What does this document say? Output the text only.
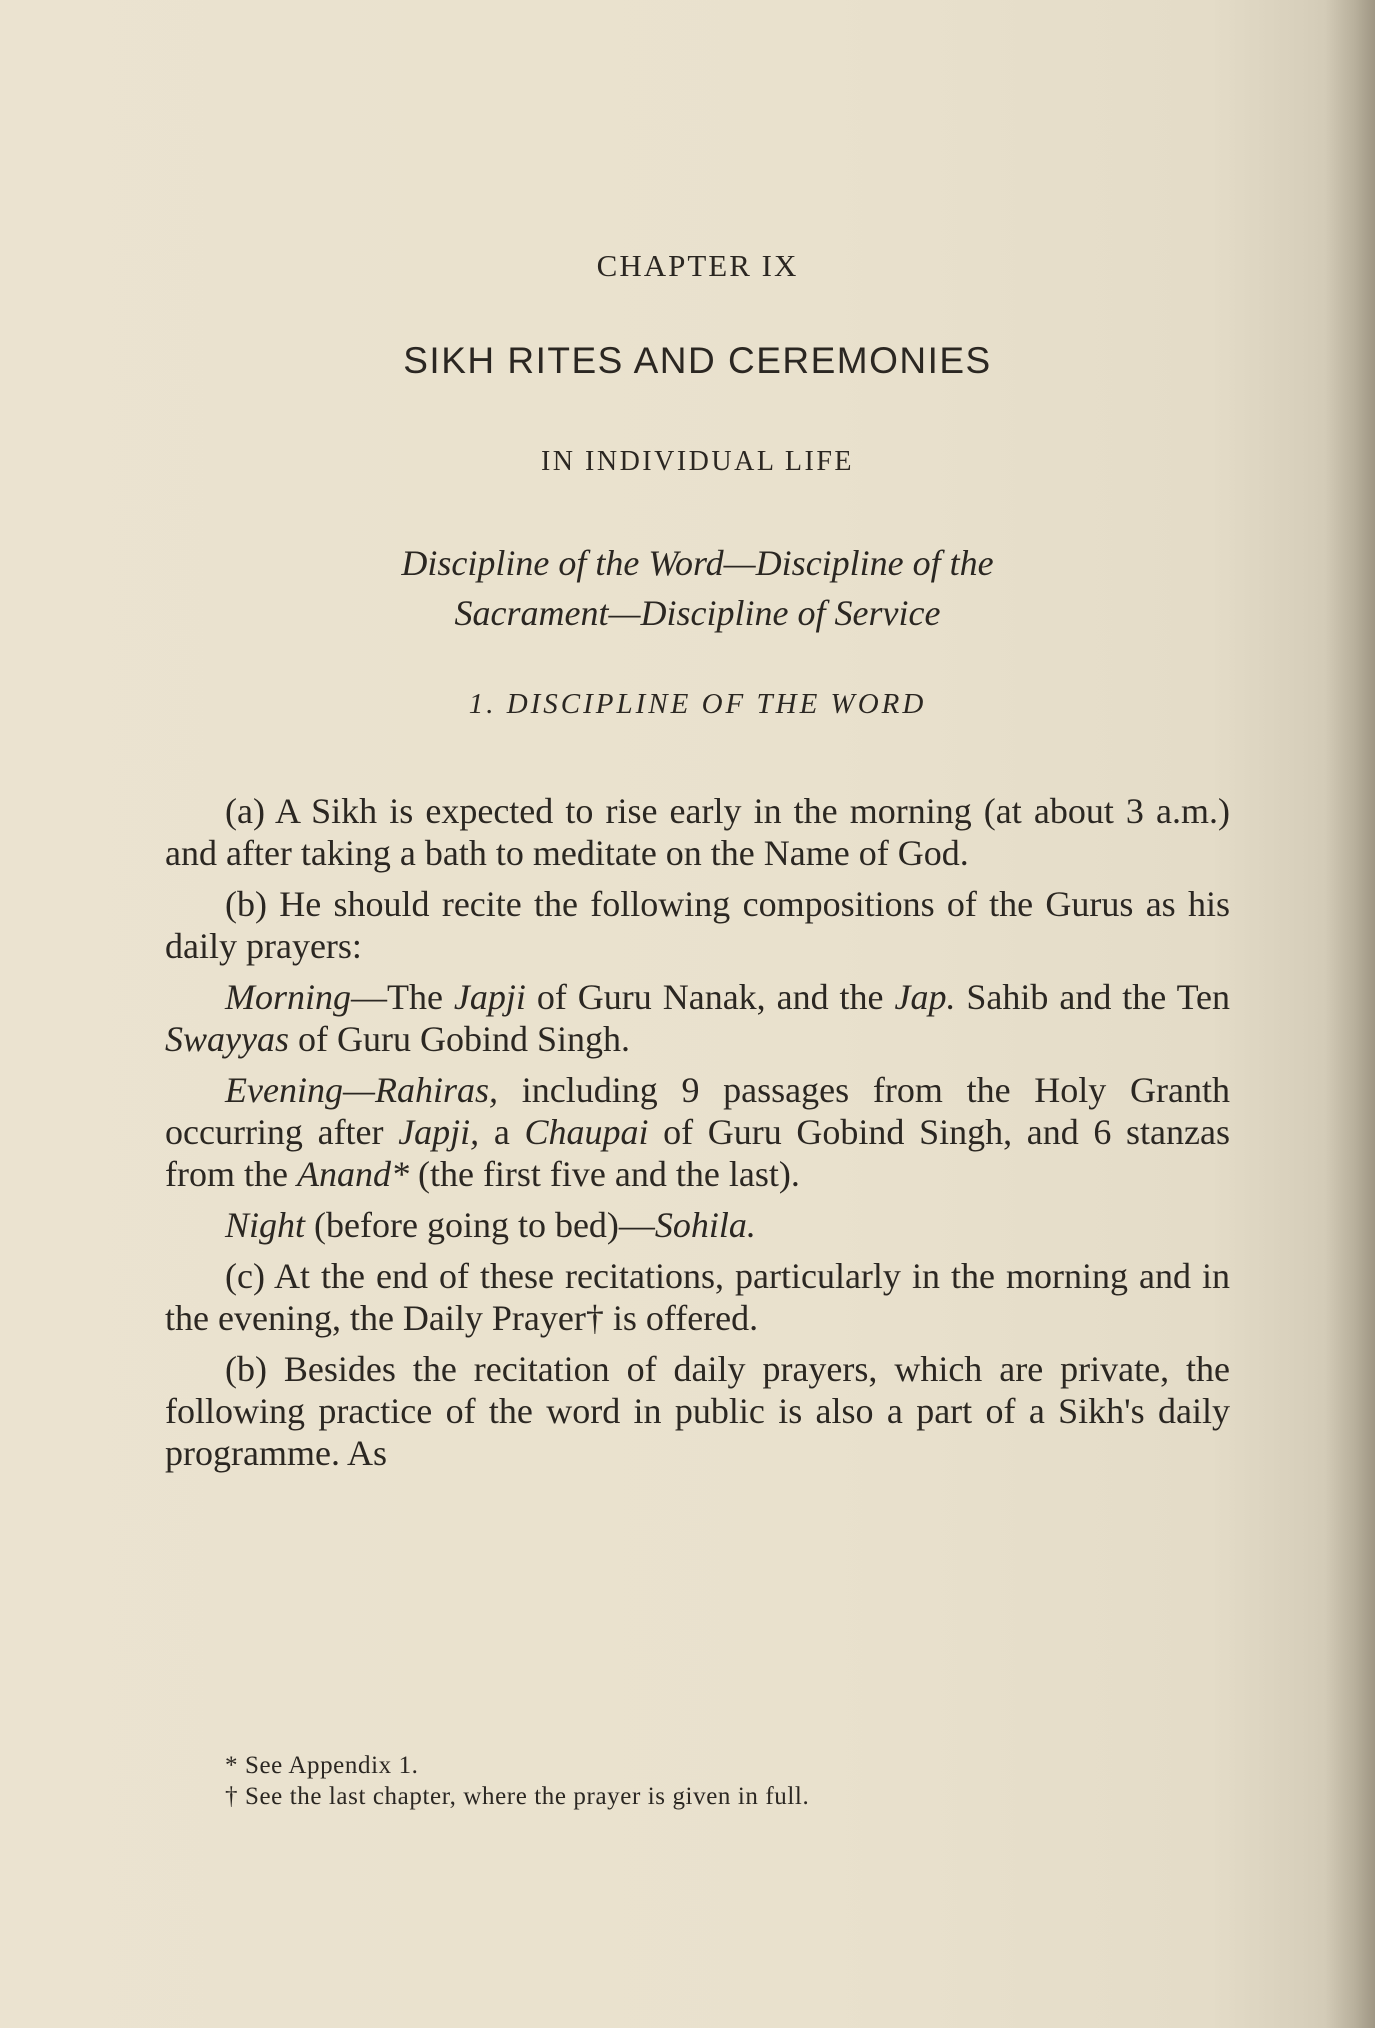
CHAPTER IX
SIKH RITES AND CEREMONIES
IN INDIVIDUAL LIFE
Discipline of the Word—Discipline of the
Sacrament—Discipline of Service
1. DISCIPLINE OF THE WORD

(a) A Sikh is expected to rise early in the morning (at about 3 a.m.) and after taking a bath to meditate on the Name of God.

(b) He should recite the following compositions of the Gurus as his daily prayers:

Morning—The Japji of Guru Nanak, and the Jap. Sahib and the Ten Swayyas of Guru Gobind Singh.

Evening—Rahiras, including 9 passages from the Holy Granth occurring after Japji, a Chaupai of Guru Gobind Singh, and 6 stanzas from the Anand* (the first five and the last).

Night (before going to bed)—Sohila.

(c) At the end of these recitations, particularly in the morning and in the evening, the Daily Prayer† is offered.

(b) Besides the recitation of daily prayers, which are private, the following practice of the word in public is also a part of a Sikh's daily programme. As

* See Appendix 1.
† See the last chapter, where the prayer is given in full.
